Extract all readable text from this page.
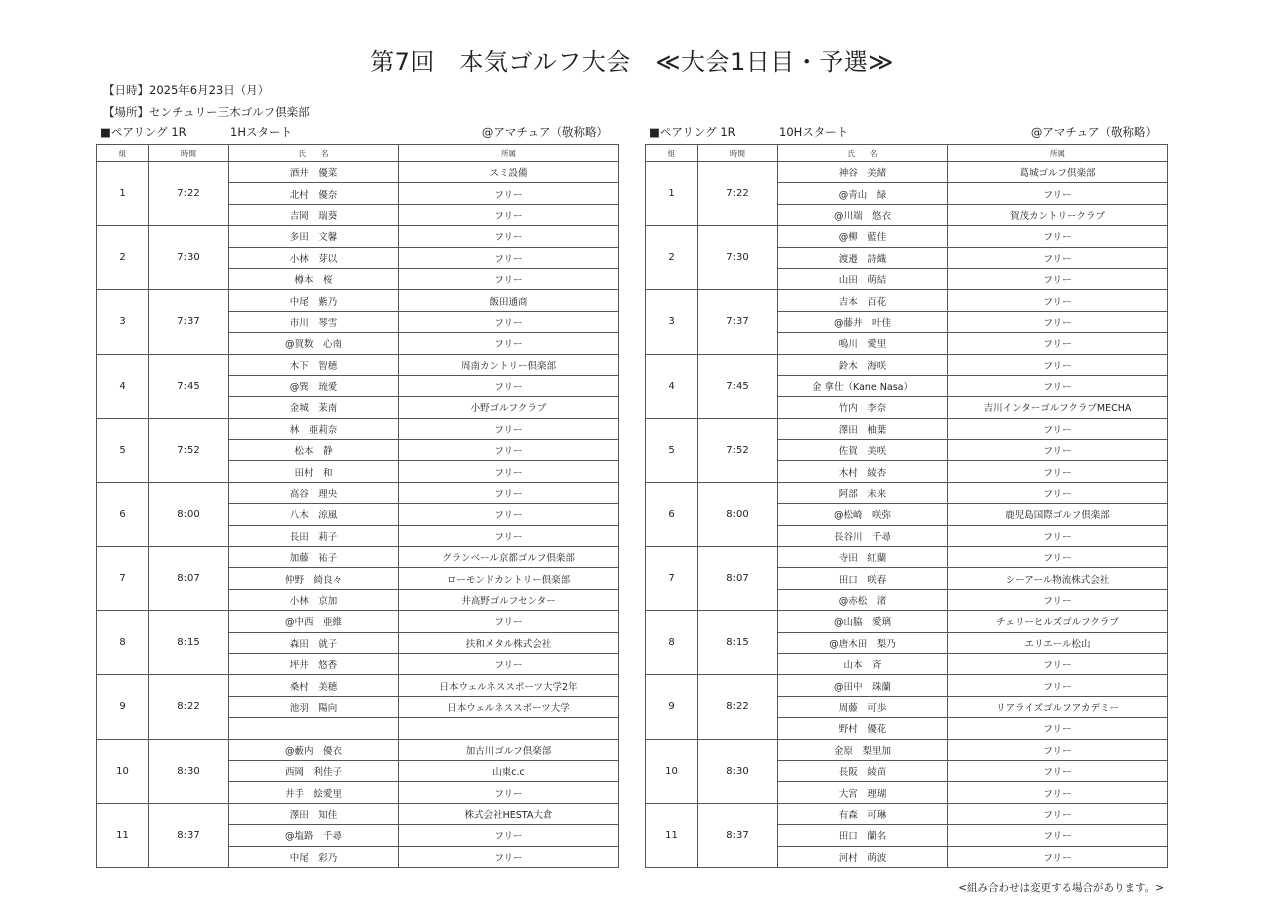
第7回　本気ゴルフ大会　≪大会1日目・予選≫
【日時】2025年6月23日（月）
【場所】センチュリー三木ゴルフ倶楽部
■ペアリング 1R	1Hスタート	@アマチュア（敬称略）	■ペアリング 1R	10Hスタート	@アマチュア（敬称略）
組	時間	氏　　名	所属
1	7:22	酒井　優菜	スミ設備
		北村　優奈	フリー
		吉岡　瑞葵	フリー
2	7:30	多田　文馨	フリー
		小林　芽以	フリー
		樽本　桜	フリー
3	7:37	中尾　紫乃	飯田通商
		市川　琴雪	フリー
		@賀数　心南	フリー
4	7:45	木下　智穂	周南カントリー倶楽部
		@巽　琉愛	フリー
		金城　茉南	小野ゴルフクラブ
5	7:52	林　亜莉奈	フリー
		松本　静	フリー
		田村　和	フリー
6	8:00	高谷　理央	フリー
		八木　涼風	フリー
		長田　莉子	フリー
7	8:07	加藤　祐子	グランベール京都ゴルフ倶楽部
		仲野　綺良々	ローモンドカントリー倶楽部
		小林　京加	井高野ゴルフセンター
8	8:15	@中西　亜維	フリー
		森田　就子	扶和メタル株式会社
		坪井　悠香	フリー
9	8:22	桑村　美穂	日本ウェルネススポーツ大学2年
		池羽　陽向	日本ウェルネススポーツ大学

10	8:30	@藪内　優衣	加古川ゴルフ倶楽部
		西岡　利佳子	山東c.c
		井手　絵愛里	フリー
11	8:37	澤田　知佳	株式会社HESTA大倉
		@塩路　千尋	フリー
		中尾　彩乃	フリー
組	時間	氏　　名	所属
1	7:22	神谷　美緒	葛城ゴルフ倶楽部
		@青山　緑	フリー
		@川端　悠衣	賀茂カントリークラブ
2	7:30	@柳　藍佳	フリー
		渡邉　詩織	フリー
		山田　萌結	フリー
3	7:37	吉本　百花	フリー
		@藤井　叶佳	フリー
		鳴川　愛里	フリー
4	7:45	鈴木　海咲	フリー
		金 拿仕（Kane Nasa）	フリー
		竹内　李奈	吉川インターゴルフクラブMECHA
5	7:52	澤田　柚葉	フリー
		佐賀　美咲	フリー
		木村　綾杏	フリー
6	8:00	阿部　未来	フリー
		@松崎　咲弥	鹿児島国際ゴルフ倶楽部
		長谷川　千尋	フリー
7	8:07	寺田　紅蘭	フリー
		田口　咲春	シーアール物流株式会社
		@赤松　渚	フリー
8	8:15	@山脇　愛璃	チェリーヒルズゴルフクラブ
		@唐木田　梨乃	エリエール松山
		山本　斉	フリー
9	8:22	@田中　珠蘭	フリー
		周藤　可歩	リアライズゴルフアカデミー
		野村　優花	フリー
10	8:30	金原　梨里加	フリー
		長阪　綾苗	フリー
		大宮　理瑚	フリー
11	8:37	有森　可琳	フリー
		田口　蘭名	フリー
		河村　萌波	フリー
<組み合わせは変更する場合があります。>
